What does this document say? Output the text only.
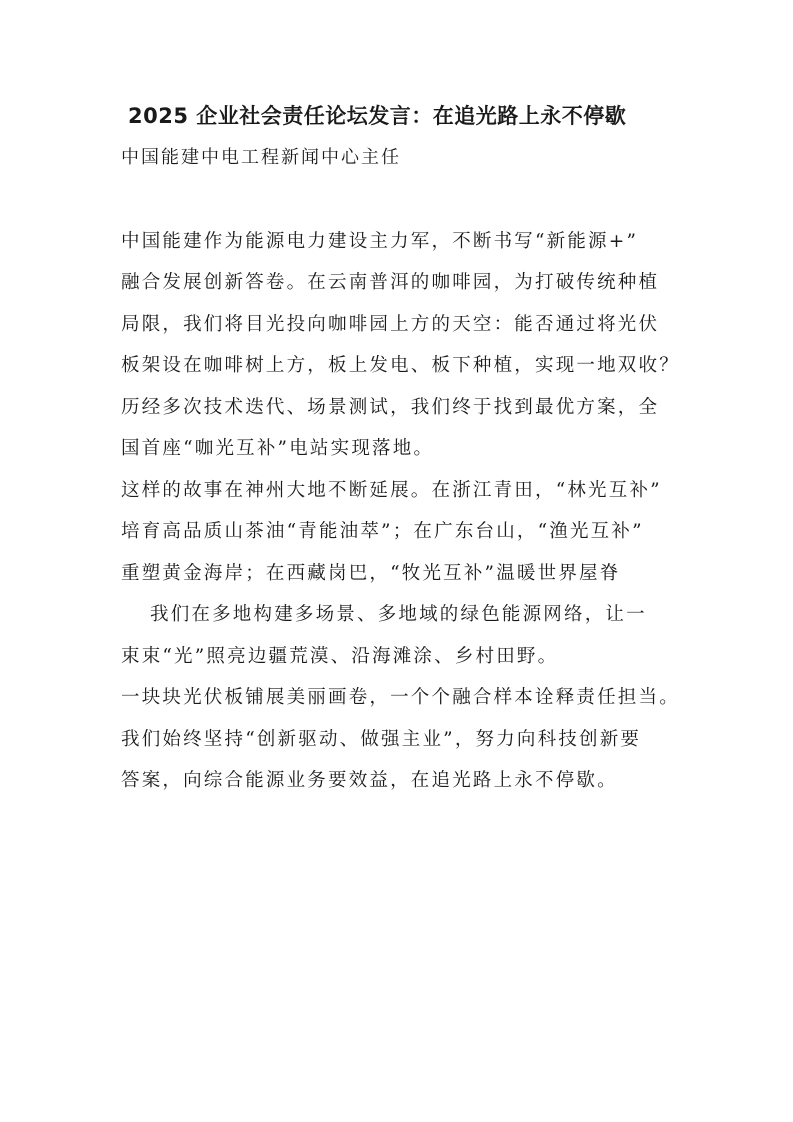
2025 企业社会责任论坛发言：在追光路上永不停歇
中国能建中电工程新闻中心主任
中国能建作为能源电力建设主力军，不断书写“新能源+”
融合发展创新答卷。在云南普洱的咖啡园，为打破传统种植
局限，我们将目光投向咖啡园上方的天空：能否通过将光伏
板架设在咖啡树上方，板上发电、板下种植，实现一地双收？
历经多次技术迭代、场景测试，我们终于找到最优方案，全
国首座“咖光互补”电站实现落地。
这样的故事在神州大地不断延展。在浙江青田，“林光互补”
培育高品质山茶油“青能油萃”；在广东台山，“渔光互补”
重塑黄金海岸；在西藏岗巴，“牧光互补”温暖世界屋脊
我们在多地构建多场景、多地域的绿色能源网络，让一
束束“光”照亮边疆荒漠、沿海滩涂、乡村田野。
一块块光伏板铺展美丽画卷，一个个融合样本诠释责任担当。
我们始终坚持“创新驱动、做强主业”，努力向科技创新要
答案，向综合能源业务要效益，在追光路上永不停歇。
